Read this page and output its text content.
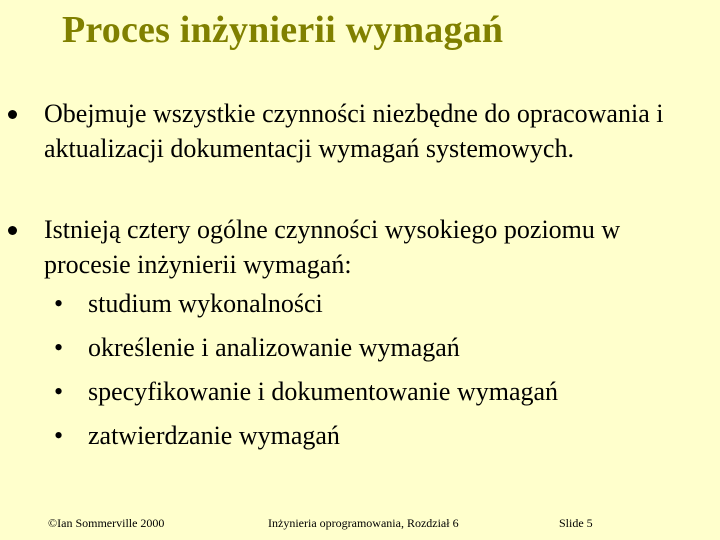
Proces inżynierii wymagań
Obejmuje wszystkie czynności niezbędne do opracowania i aktualizacji dokumentacji wymagań systemowych.
Istnieją cztery ogólne czynności wysokiego poziomu w procesie inżynierii wymagań:
• studium wykonalności
• określenie i analizowanie wymagań
• specyfikowanie i dokumentowanie wymagań
• zatwierdzanie wymagań
©Ian Sommerville 2000	Inżynieria oprogramowania, Rozdział 6	Slide 5
